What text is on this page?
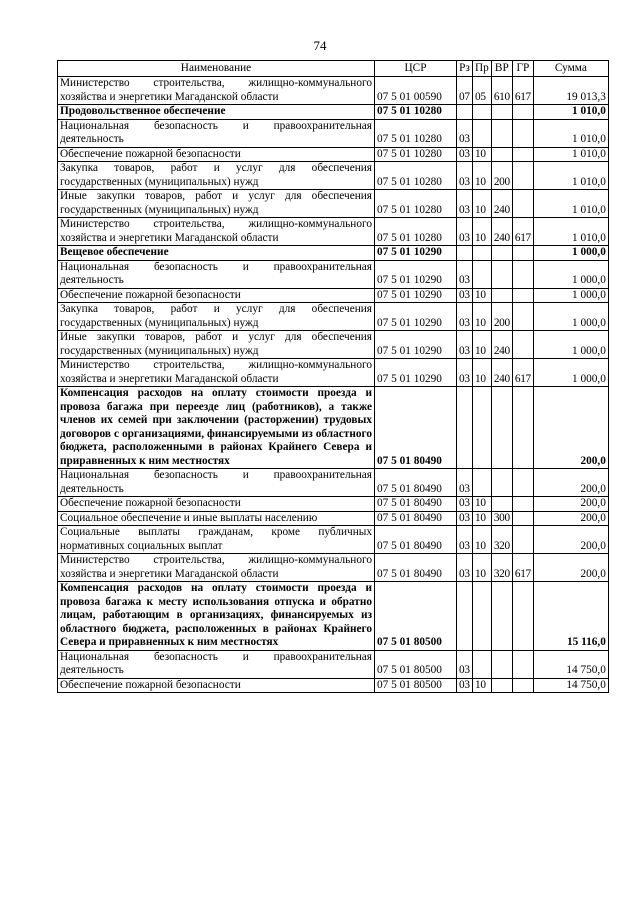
74
Наименование	ЦСР	Рз	Пр	ВР	ГР	Сумма
Министерство строительства, жилищно-коммунального хозяйства и энергетики Магаданской области	07 5 01 00590	07	05	610	617	19 013,3
Продовольственное обеспечение	07 5 01 10280					1 010,0
Национальная безопасность и правоохранительная деятельность	07 5 01 10280	03				1 010,0
Обеспечение пожарной безопасности	07 5 01 10280	03	10			1 010,0
Закупка товаров, работ и услуг для обеспечения государственных (муниципальных) нужд	07 5 01 10280	03	10	200		1 010,0
Иные закупки товаров, работ и услуг для обеспечения государственных (муниципальных) нужд	07 5 01 10280	03	10	240		1 010,0
Министерство строительства, жилищно-коммунального хозяйства и энергетики Магаданской области	07 5 01 10280	03	10	240	617	1 010,0
Вещевое обеспечение	07 5 01 10290					1 000,0
Национальная безопасность и правоохранительная деятельность	07 5 01 10290	03				1 000,0
Обеспечение пожарной безопасности	07 5 01 10290	03	10			1 000,0
Закупка товаров, работ и услуг для обеспечения государственных (муниципальных) нужд	07 5 01 10290	03	10	200		1 000,0
Иные закупки товаров, работ и услуг для обеспечения государственных (муниципальных) нужд	07 5 01 10290	03	10	240		1 000,0
Министерство строительства, жилищно-коммунального хозяйства и энергетики Магаданской области	07 5 01 10290	03	10	240	617	1 000,0
Компенсация расходов на оплату стоимости проезда и провоза багажа при переезде лиц (работников), а также членов их семей при заключении (расторжении) трудовых договоров с организациями, финансируемыми из областного бюджета, расположенными в районах Крайнего Севера и приравненных к ним местностях	07 5 01 80490					200,0
Национальная безопасность и правоохранительная деятельность	07 5 01 80490	03				200,0
Обеспечение пожарной безопасности	07 5 01 80490	03	10			200,0
Социальное обеспечение и иные выплаты населению	07 5 01 80490	03	10	300		200,0
Социальные выплаты гражданам, кроме публичных нормативных социальных выплат	07 5 01 80490	03	10	320		200,0
Министерство строительства, жилищно-коммунального хозяйства и энергетики Магаданской области	07 5 01 80490	03	10	320	617	200,0
Компенсация расходов на оплату стоимости проезда и провоза багажа к месту использования отпуска и обратно лицам, работающим в организациях, финансируемых из областного бюджета, расположенных в районах Крайнего Севера и приравненных к ним местностях	07 5 01 80500					15 116,0
Национальная безопасность и правоохранительная деятельность	07 5 01 80500	03				14 750,0
Обеспечение пожарной безопасности	07 5 01 80500	03	10			14 750,0
